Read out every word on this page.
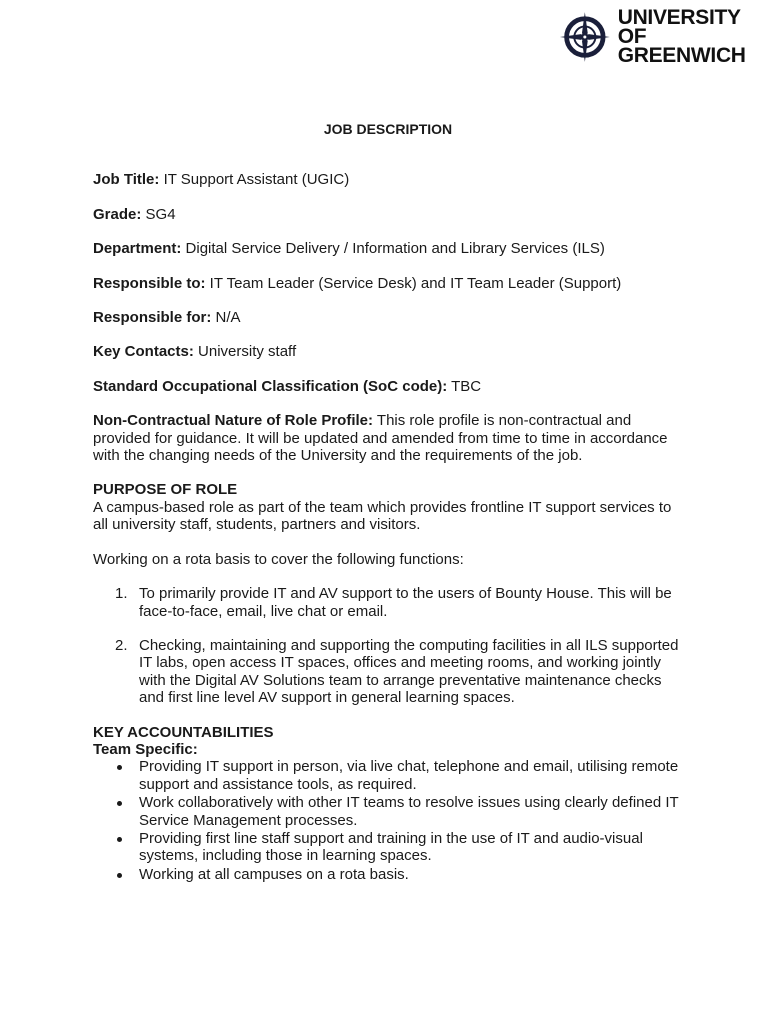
UNIVERSITY OF
GREENWICH
JOB DESCRIPTION
Job Title: IT Support Assistant (UGIC)
Grade: SG4
Department: Digital Service Delivery / Information and Library Services (ILS)
Responsible to: IT Team Leader (Service Desk) and IT Team Leader (Support)
Responsible for: N/A
Key Contacts: University staff
Standard Occupational Classification (SoC code): TBC
Non-Contractual Nature of Role Profile: This role profile is non-contractual and provided for guidance. It will be updated and amended from time to time in accordance with the changing needs of the University and the requirements of the job.
PURPOSE OF ROLE

A campus-based role as part of the team which provides frontline IT support services to all university staff, students, partners and visitors.

Working on a rota basis to cover the following functions:

1. To primarily provide IT and AV support to the users of Bounty House. This will be face-to-face, email, live chat or email.
2. Checking, maintaining and supporting the computing facilities in all ILS supported IT labs, open access IT spaces, offices and meeting rooms, and working jointly with the Digital AV Solutions team to arrange preventative maintenance checks and first line level AV support in general learning spaces.
KEY ACCOUNTABILITIES
Team Specific:
Providing IT support in person, via live chat, telephone and email, utilising remote support and assistance tools, as required.
Work collaboratively with other IT teams to resolve issues using clearly defined IT Service Management processes.
Providing first line staff support and training in the use of IT and audio-visual systems, including those in learning spaces.
Working at all campuses on a rota basis.
